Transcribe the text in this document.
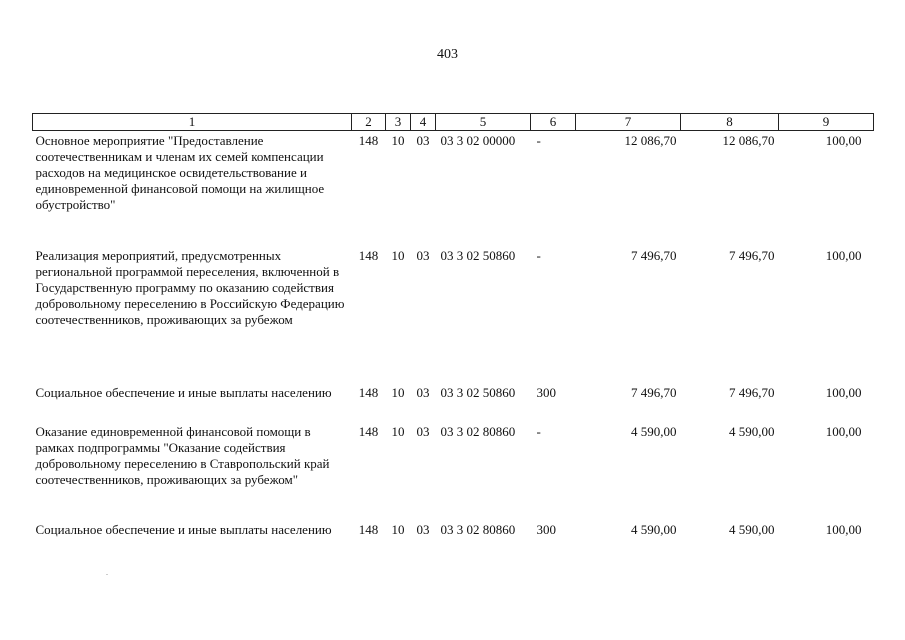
403
1	2	3	4	5	6	7	8	9
Основное мероприятие "Предоставление соотечественникам и членам их семей компенсации расходов на медицинское освидетельствование и единовременной финансовой помощи на жилищное обустройство"	148	10	03	03 3 02 00000	-	12 086,70	12 086,70	100,00
Реализация мероприятий, предусмотренных региональной программой переселения, включенной в Государственную программу по оказанию содействия добровольному переселению в Российскую Федерацию соотечественников, проживающих за рубежом	148	10	03	03 3 02 50860	-	7 496,70	7 496,70	100,00
Социальное обеспечение и иные выплаты населению	148	10	03	03 3 02 50860	300	7 496,70	7 496,70	100,00
Оказание единовременной финансовой помощи в рамках подпрограммы "Оказание содействия добровольному переселению в Ставропольский край соотечественников, проживающих за рубежом"	148	10	03	03 3 02 80860	-	4 590,00	4 590,00	100,00
Социальное обеспечение и иные выплаты населению	148	10	03	03 3 02 80860	300	4 590,00	4 590,00	100,00
